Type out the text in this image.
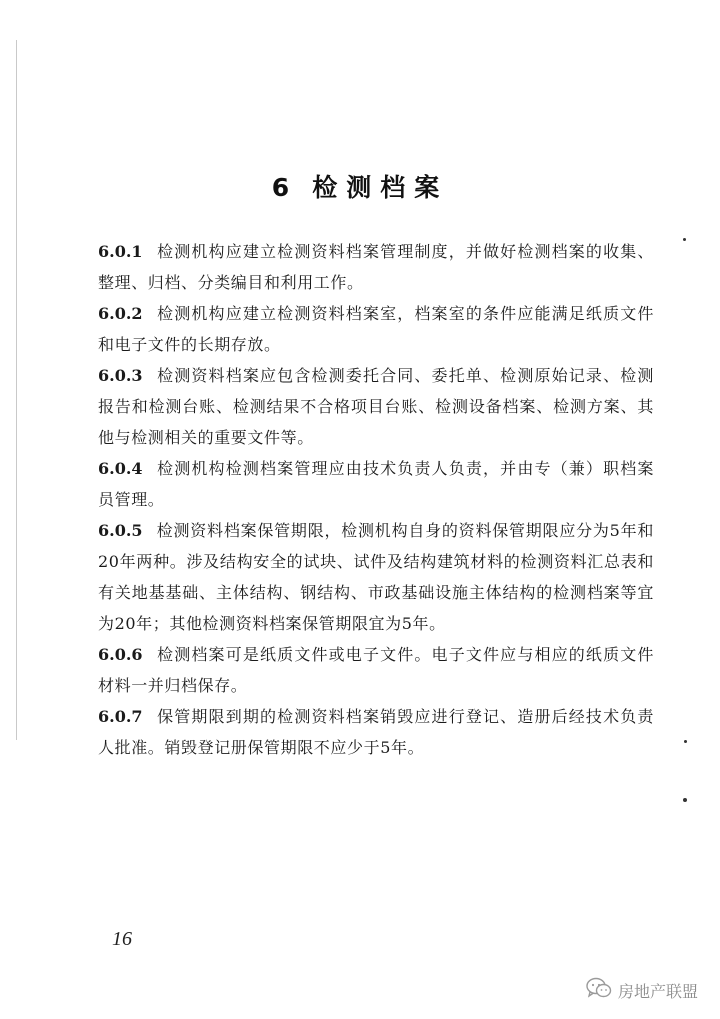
6 检测档案

6.0.1 检测机构应建立检测资料档案管理制度，并做好检测档案的收集、整理、归档、分类编目和利用工作。

6.0.2 检测机构应建立检测资料档案室，档案室的条件应能满足纸质文件和电子文件的长期存放。

6.0.3 检测资料档案应包含检测委托合同、委托单、检测原始记录、检测报告和检测台账、检测结果不合格项目台账、检测设备档案、检测方案、其他与检测相关的重要文件等。

6.0.4 检测机构检测档案管理应由技术负责人负责，并由专（兼）职档案员管理。

6.0.5 检测资料档案保管期限，检测机构自身的资料保管期限应分为5年和20年两种。涉及结构安全的试块、试件及结构建筑材料的检测资料汇总表和有关地基基础、主体结构、钢结构、市政基础设施主体结构的检测档案等宜为20年；其他检测资料档案保管期限宜为5年。

6.0.6 检测档案可是纸质文件或电子文件。电子文件应与相应的纸质文件材料一并归档保存。

6.0.7 保管期限到期的检测资料档案销毁应进行登记、造册后经技术负责人批准。销毁登记册保管期限不应少于5年。

16
房地产联盟
